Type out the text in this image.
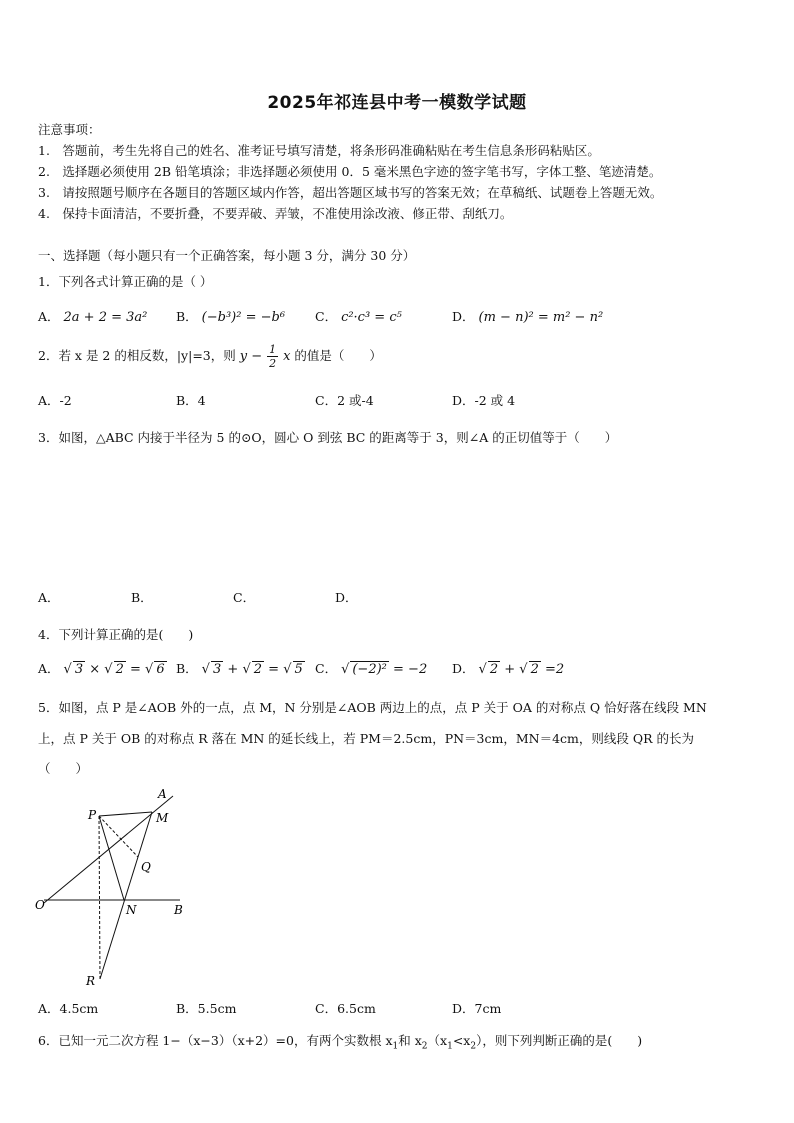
2025年祁连县中考一模数学试题
注意事项：
1.　答题前，考生先将自己的姓名、准考证号填写清楚，将条形码准确粘贴在考生信息条形码粘贴区。
2.　选择题必须使用 2B 铅笔填涂；非选择题必须使用 0．5 毫米黑色字迹的签字笔书写，字体工整、笔迹清楚。
3.　请按照题号顺序在各题目的答题区域内作答，超出答题区域书写的答案无效；在草稿纸、试题卷上答题无效。
4.　保持卡面清洁，不要折叠，不要弄破、弄皱，不准使用涂改液、修正带、刮纸刀。
一、选择题（每小题只有一个正确答案，每小题 3 分，满分 30 分）
1．下列各式计算正确的是（ ）
A． 2a + 2 = 3a² B． (−b³)² = −b⁶ C． c²·c³ = c⁵	D． (m − n)² = m² − n²
2．若 x 是 2 的相反数，|y|=3，则 $y - \frac{1}{2}$ x 的值是（　　）
A．-2	B．4	C．2 或-4	D．-2 或 4
3．如图，△ABC 内接于半径为 5 的⊙O，圆心 O 到弦 BC 的距离等于 3，则∠A 的正切值等于（　　）
A．	B．	C．	D．
4．下列计算正确的是(　　)
A． √ 3 × √ 2 = √ 6 B． √ 3 + √ 2 = √ 5 C． √ (−2)² = −2 D． √ 2 + √ 2 =2
5．如图，点 P 是∠AOB 外的一点，点 M，N 分别是∠AOB 两边上的点，点 P 关于 OA 的对称点 Q 恰好落在线段 MN
上，点 P 关于 OB 的对称点 R 落在 MN 的延长线上，若 PM＝2.5cm，PN＝3cm，MN＝4cm，则线段 QR 的长为
（　　）
A
P	M
Q
O	N	B
R
A．4.5cm	B．5.5cm	C．6.5cm	D．7cm
6．已知一元二次方程 1−（x−3）（x+2）=0，有两个实数根 $x_1$和 $x_2(x_1<x_2)$，则下列判断正确的是(　　)
